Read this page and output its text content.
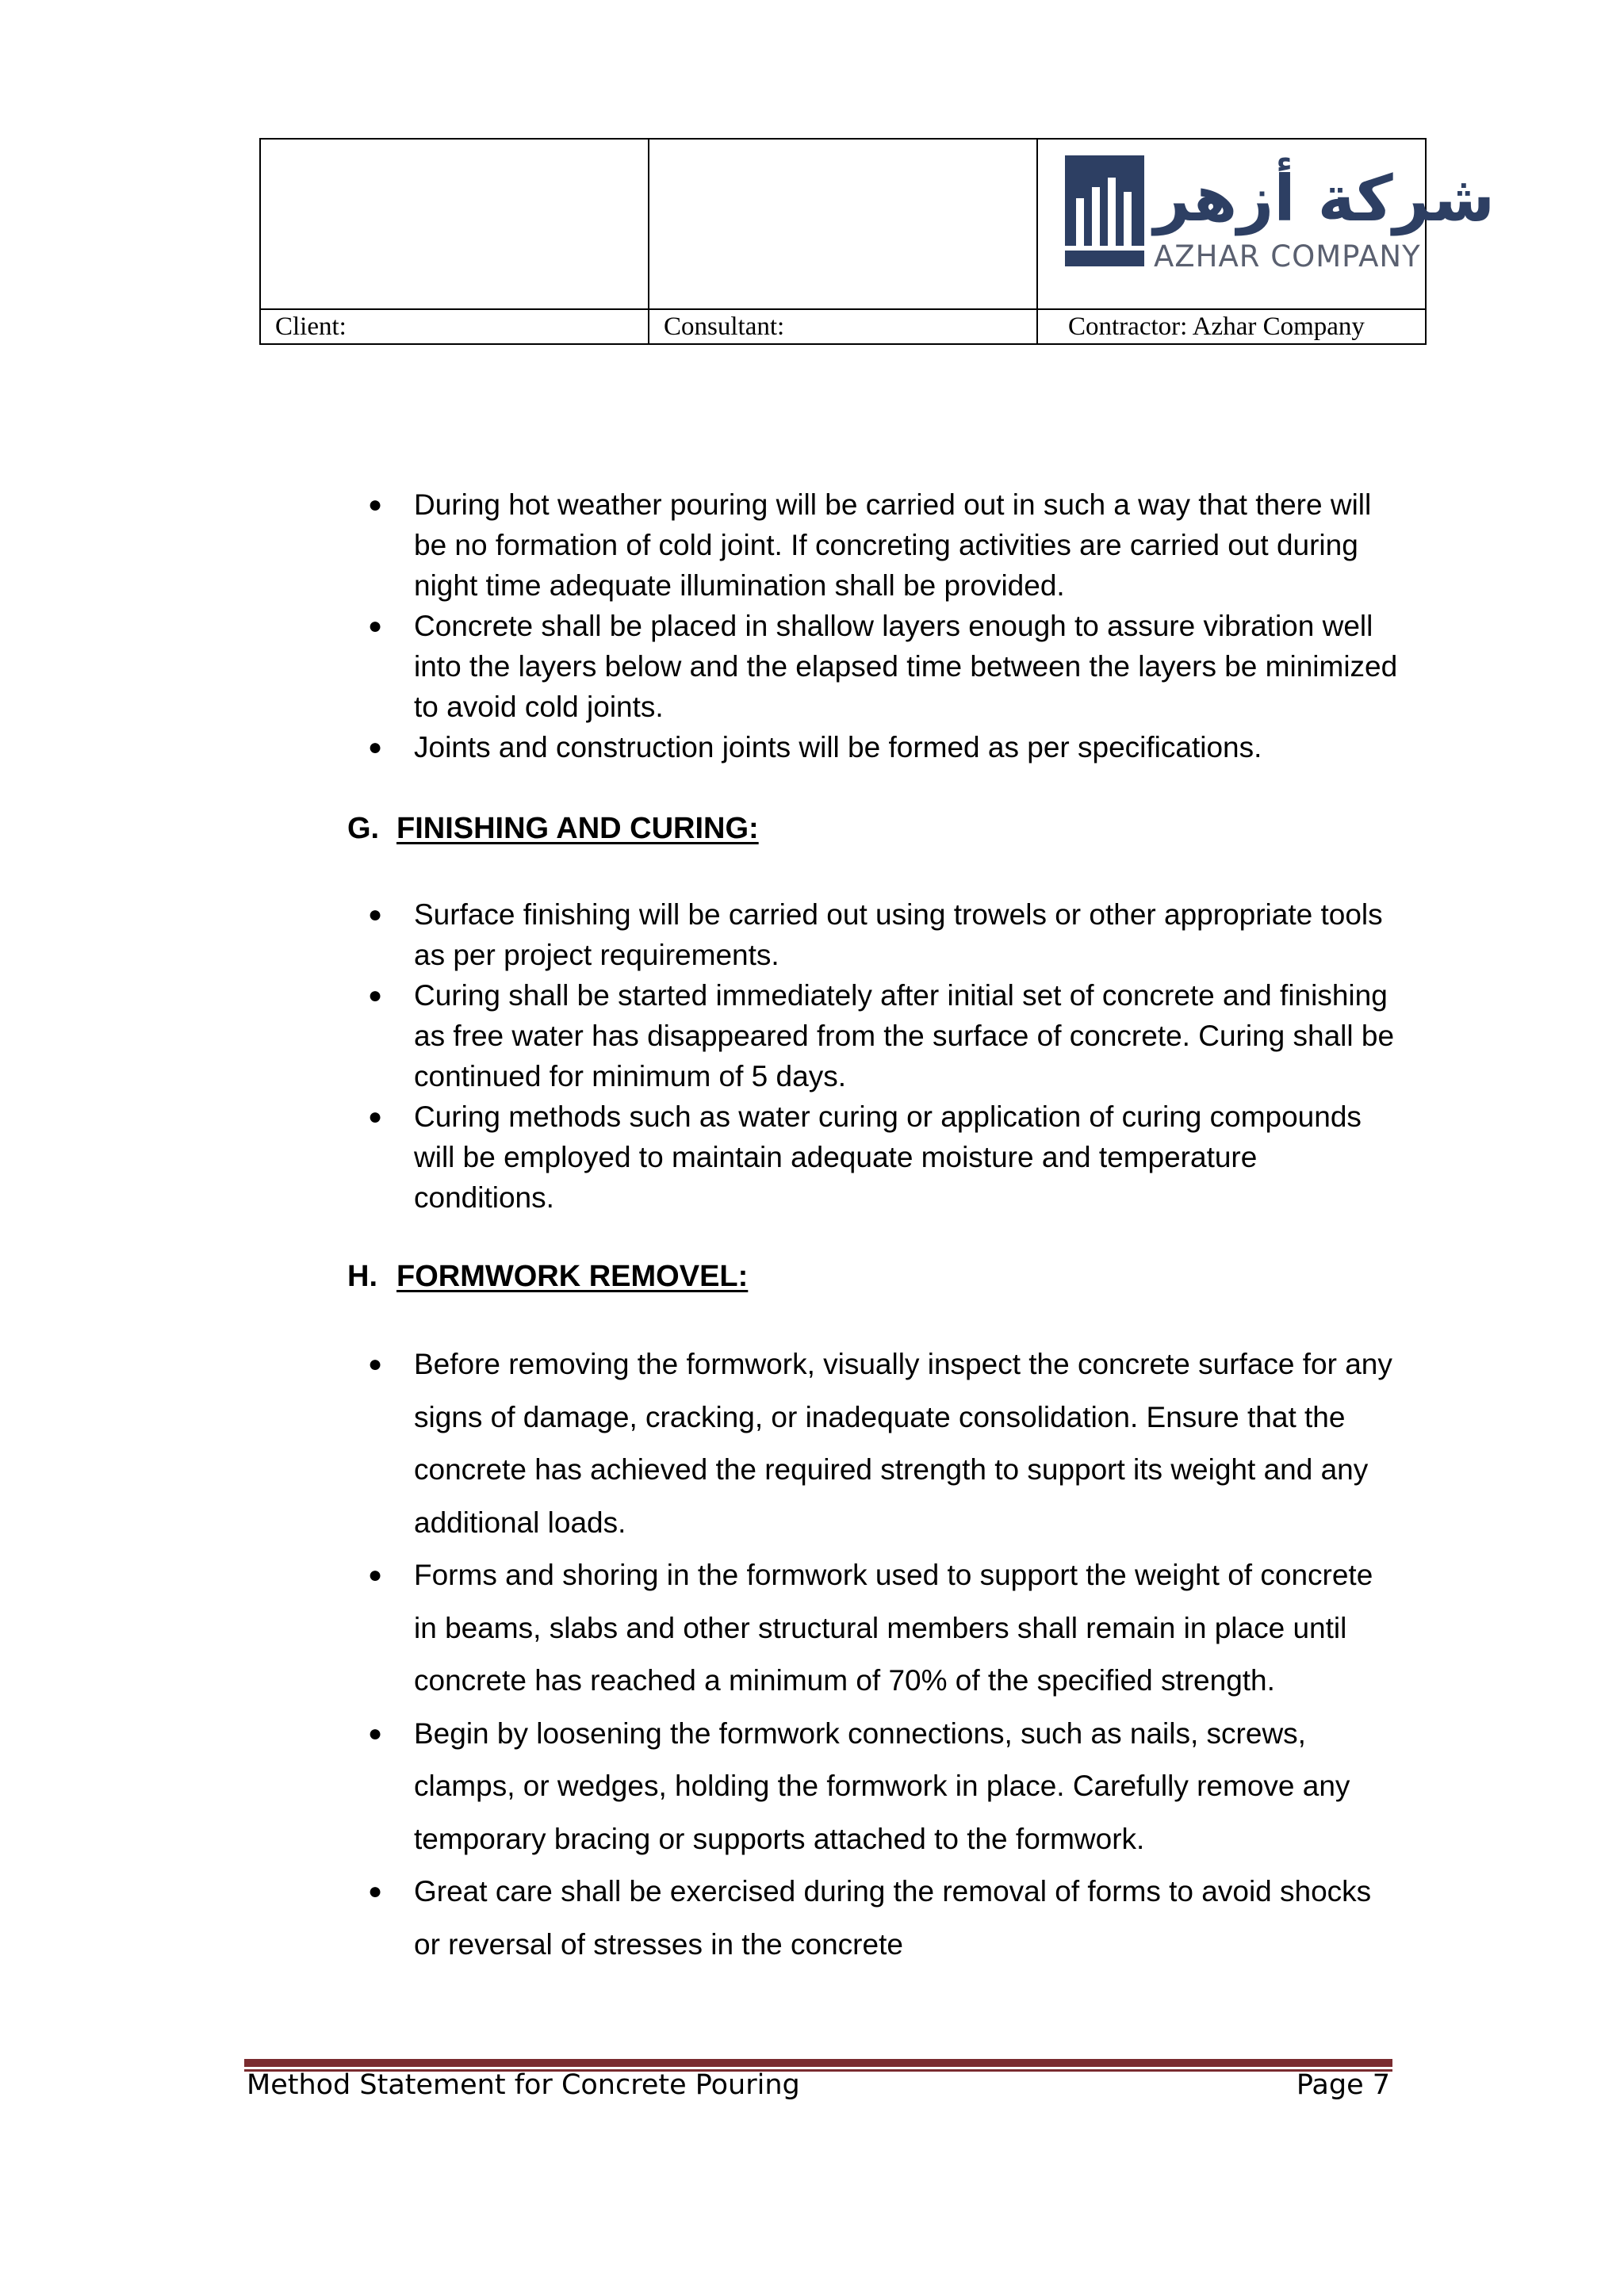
		شركة أزهر
AZHAR COMPANY

Client:	Consultant:	Contractor: Azhar Company
● During hot weather pouring will be carried out in such a way that there will be no formation of cold joint. If concreting activities are carried out during night time adequate illumination shall be provided.
● Concrete shall be placed in shallow layers enough to assure vibration well into the layers below and the elapsed time between the layers be minimized to avoid cold joints.
● Joints and construction joints will be formed as per specifications.
G. FINISHING AND CURING:
● Surface finishing will be carried out using trowels or other appropriate tools as per project requirements.
● Curing shall be started immediately after initial set of concrete and finishing as free water has disappeared from the surface of concrete. Curing shall be continued for minimum of 5 days.
● Curing methods such as water curing or application of curing compounds will be employed to maintain adequate moisture and temperature conditions.
H. FORMWORK REMOVEL:
● Before removing the formwork, visually inspect the concrete surface for any signs of damage, cracking, or inadequate consolidation. Ensure that the concrete has achieved the required strength to support its weight and any additional loads.
● Forms and shoring in the formwork used to support the weight of concrete in beams, slabs and other structural members shall remain in place until concrete has reached a minimum of 70% of the specified strength.
● Begin by loosening the formwork connections, such as nails, screws, clamps, or wedges, holding the formwork in place. Carefully remove any temporary bracing or supports attached to the formwork.
● Great care shall be exercised during the removal of forms to avoid shocks or reversal of stresses in the concrete
Method Statement for Concrete Pouring	Page 7
